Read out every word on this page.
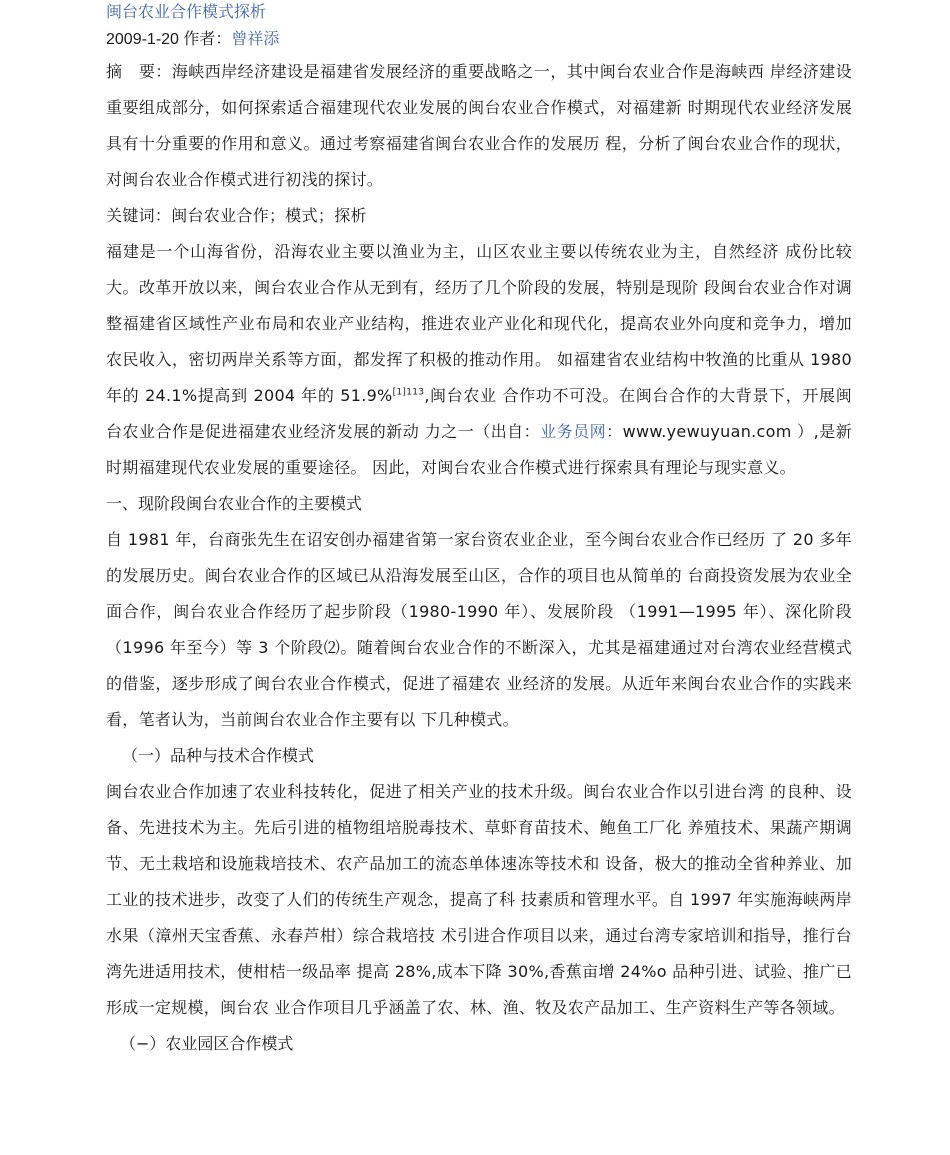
闽台农业合作模式探析
2009-1-20 作者：曾祥添

摘　要：海峡西岸经济建设是福建省发展经济的重要战略之一，其中闽台农业合作是海峡西 岸经济建设重要组成部分，如何探索适合福建现代农业发展的闽台农业合作模式，对福建新 时期现代农业经济发展具有十分重要的作用和意义。通过考察福建省闽台农业合作的发展历 程，分析了闽台农业合作的现状，对闽台农业合作模式进行初浅的探讨。

关键词：闽台农业合作；模式；探析

福建是一个山海省份，沿海农业主要以渔业为主，山区农业主要以传统农业为主，自然经济 成份比较大。改革开放以来，闽台农业合作从无到有，经历了几个阶段的发展，特别是现阶 段闽台农业合作对调整福建省区域性产业布局和农业产业结构，推进农业产业化和现代化，提高农业外向度和竞争力，增加农民收入，密切两岸关系等方面，都发挥了积极的推动作用。 如福建省农业结构中牧渔的比重从 1980 年的 24.1%提高到 2004 年的 51.9%$^{[1]113}$,闽台农业 合作功不可没。在闽台合作的大背景下，开展闽台农业合作是促进福建农业经济发展的新动 力之一（出自：业务员网：www.yewuyuan.com ）,是新时期福建现代农业发展的重要途径。 因此，对闽台农业合作模式进行探索具有理论与现实意义。

一、现阶段闽台农业合作的主要模式

自 1981 年，台商张先生在诏安创办福建省第一家台资农业企业，至今闽台农业合作已经历 了 20 多年的发展历史。闽台农业合作的区域已从沿海发展至山区，合作的项目也从简单的 台商投资发展为农业全面合作，闽台农业合作经历了起步阶段（1980-1990 年）、发展阶段 （1991—1995 年）、深化阶段（1996 年至今）等 3 个阶段⑵。随着闽台农业合作的不断深入，尤其是福建通过对台湾农业经营模式的借鉴，逐步形成了闽台农业合作模式，促进了福建农 业经济的发展。从近年来闽台农业合作的实践来看，笔者认为，当前闽台农业合作主要有以 下几种模式。

（一）品种与技术合作模式

闽台农业合作加速了农业科技转化，促进了相关产业的技术升级。闽台农业合作以引进台湾 的良种、设备、先进技术为主。先后引进的植物组培脱毒技术、草虾育苗技术、鲍鱼工厂化 养殖技术、果蔬产期调节、无土栽培和设施栽培技术、农产品加工的流态单体速冻等技术和 设备，极大的推动全省种养业、加工业的技术进步，改变了人们的传统生产观念，提高了科 技素质和管理水平。自 1997 年实施海峡两岸水果（漳州天宝香蕉、永春芦柑）综合栽培技 术引进合作项目以来，通过台湾专家培训和指导，推行台湾先进适用技术，使柑桔一级品率 提高 28%,成本下降 30%,香蕉亩增 24%o 品种引进、试验、推广已形成一定规模，闽台农 业合作项目几乎涵盖了农、林、渔、牧及农产品加工、生产资料生产等各领域。

（−）农业园区合作模式
